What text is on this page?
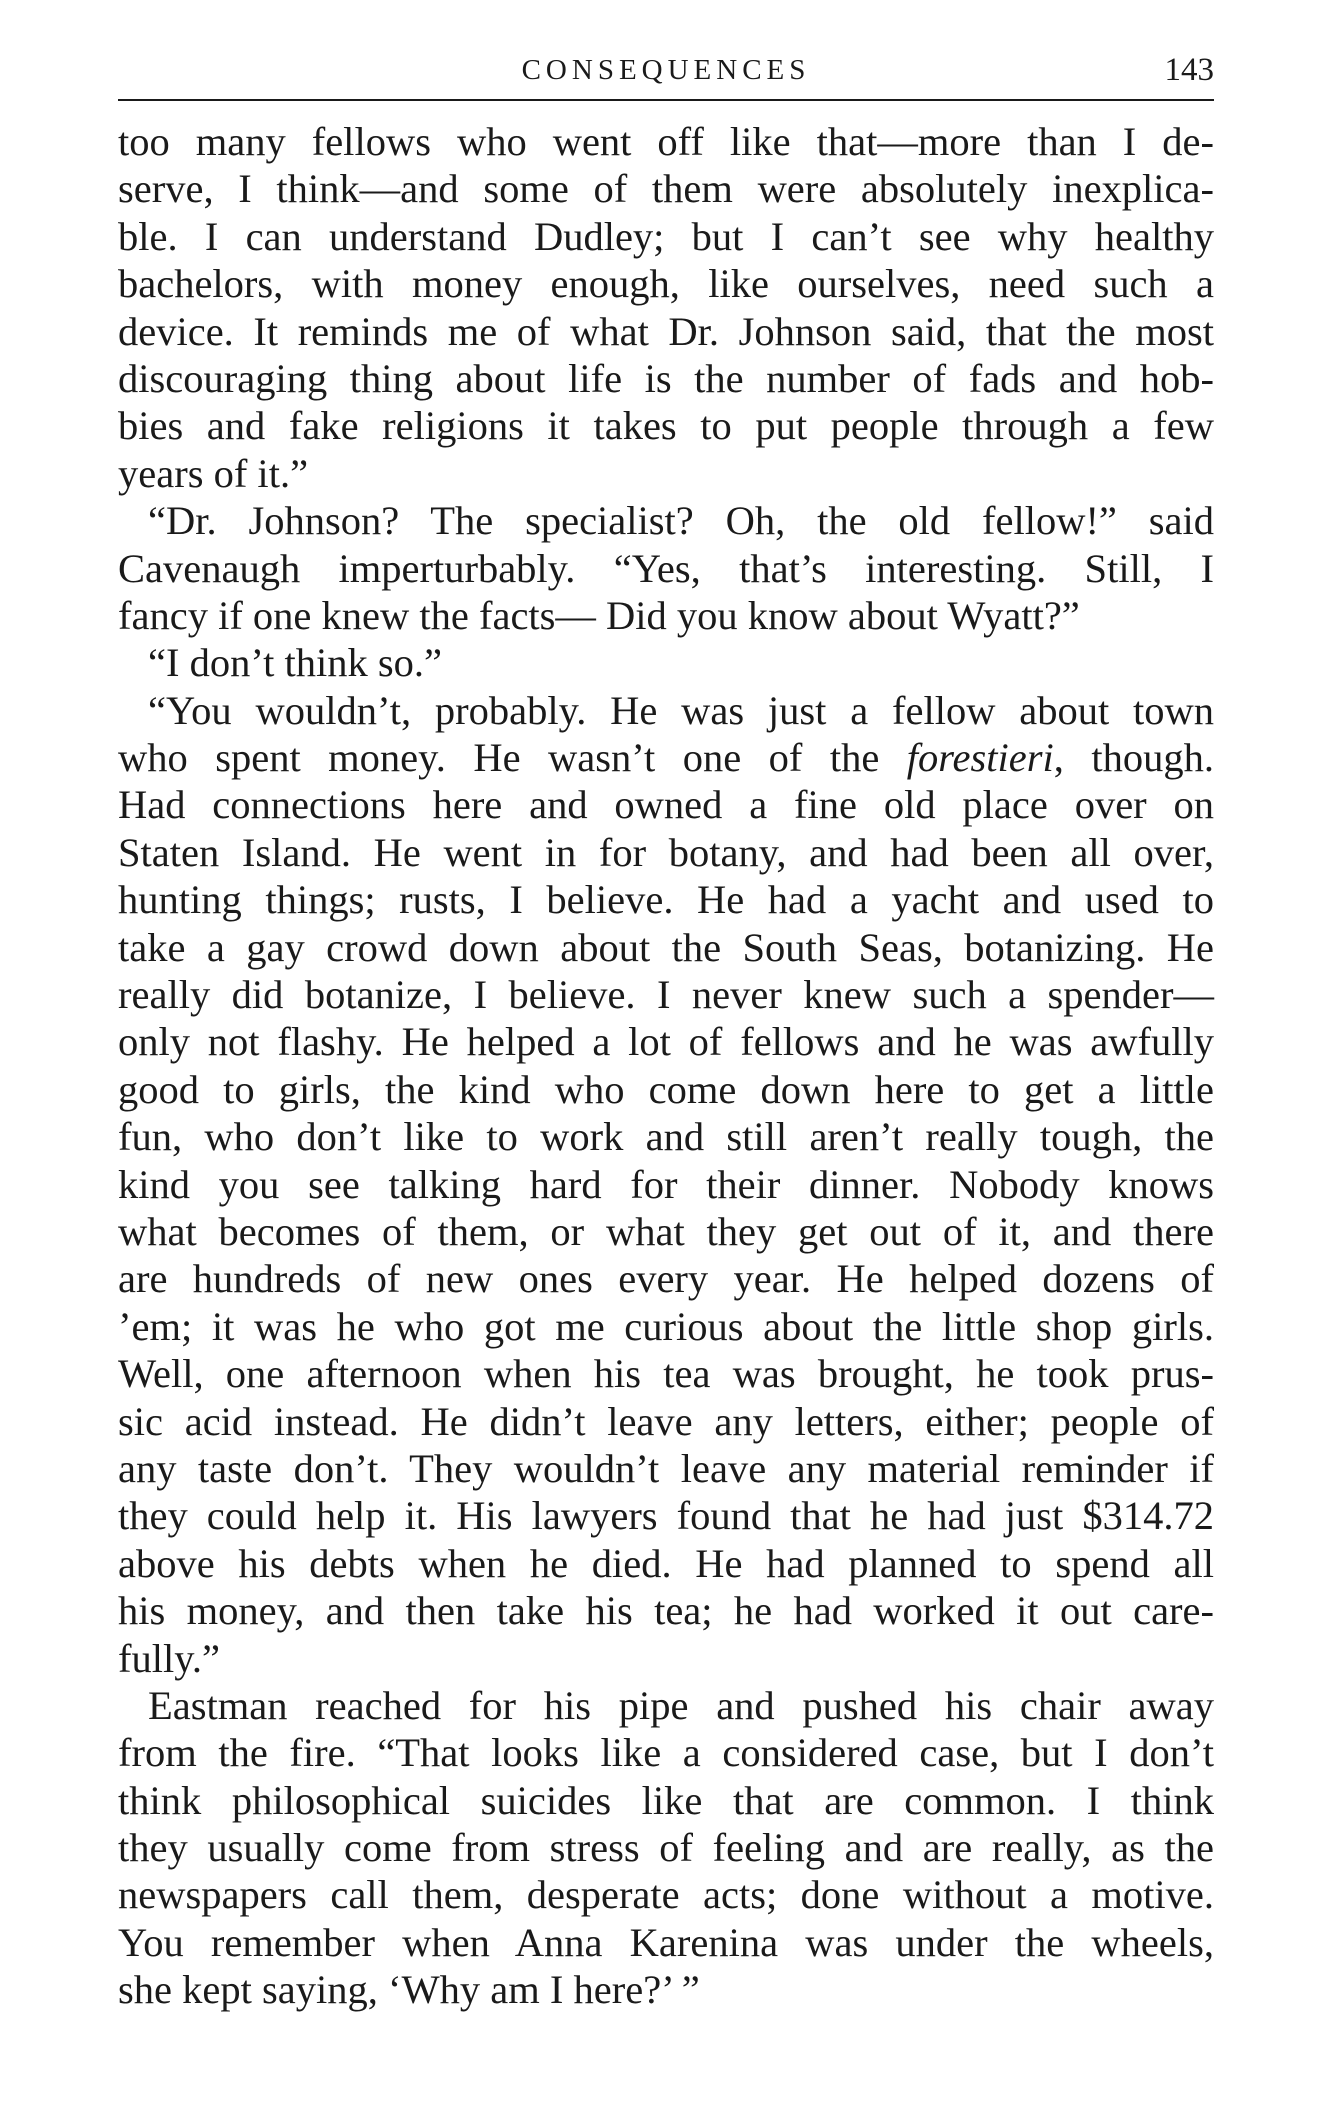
CONSEQUENCES	143
too many fellows who went off like that—more than I de-
serve, I think—and some of them were absolutely inexplica-
ble. I can understand Dudley; but I can’t see why healthy
bachelors, with money enough, like ourselves, need such a
device. It reminds me of what Dr. Johnson said, that the most
discouraging thing about life is the number of fads and hob-
bies and fake religions it takes to put people through a few
years of it.”
“Dr. Johnson? The specialist? Oh, the old fellow!” said
Cavenaugh imperturbably. “Yes, that’s interesting. Still, I
fancy if one knew the facts— Did you know about Wyatt?”
“I don’t think so.”
“You wouldn’t, probably. He was just a fellow about town
who spent money. He wasn’t one of the forestieri, though.
Had connections here and owned a fine old place over on
Staten Island. He went in for botany, and had been all over,
hunting things; rusts, I believe. He had a yacht and used to
take a gay crowd down about the South Seas, botanizing. He
really did botanize, I believe. I never knew such a spender—
only not flashy. He helped a lot of fellows and he was awfully
good to girls, the kind who come down here to get a little
fun, who don’t like to work and still aren’t really tough, the
kind you see talking hard for their dinner. Nobody knows
what becomes of them, or what they get out of it, and there
are hundreds of new ones every year. He helped dozens of
’em; it was he who got me curious about the little shop girls.
Well, one afternoon when his tea was brought, he took prus-
sic acid instead. He didn’t leave any letters, either; people of
any taste don’t. They wouldn’t leave any material reminder if
they could help it. His lawyers found that he had just $314.72
above his debts when he died. He had planned to spend all
his money, and then take his tea; he had worked it out care-
fully.”
Eastman reached for his pipe and pushed his chair away
from the fire. “That looks like a considered case, but I don’t
think philosophical suicides like that are common. I think
they usually come from stress of feeling and are really, as the
newspapers call them, desperate acts; done without a motive.
You remember when Anna Karenina was under the wheels,
she kept saying, ‘Why am I here?’ ”
